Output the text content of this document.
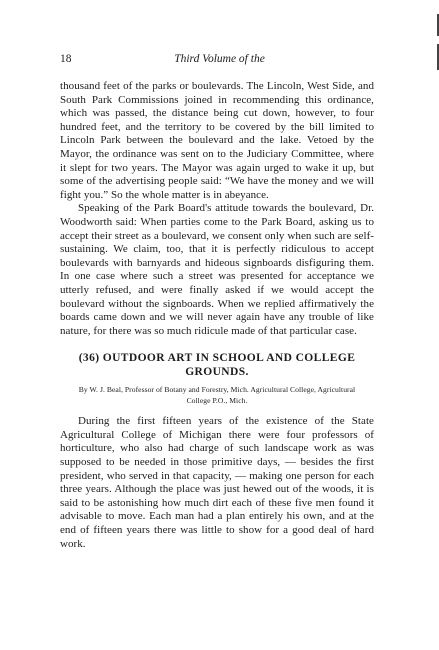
18	Third Volume of the

thousand feet of the parks or boulevards. The Lincoln, West Side, and South Park Commissions joined in recommending this ordinance, which was passed, the distance being cut down, however, to four hundred feet, and the territory to be covered by the bill limited to Lincoln Park between the boulevard and the lake. Vetoed by the Mayor, the ordinance was sent on to the Judiciary Committee, where it slept for two years. The Mayor was again urged to wake it up, but some of the advertising people said: “We have the money and we will fight you.” So the whole matter is in abeyance.

Speaking of the Park Board's attitude towards the boulevard, Dr. Woodworth said: When parties come to the Park Board, asking us to accept their street as a boulevard, we consent only when such are self-sustaining. We claim, too, that it is perfectly ridiculous to accept boulevards with barnyards and hideous signboards disfiguring them. In one case where such a street was presented for acceptance we utterly refused, and were finally asked if we would accept the boulevard without the signboards. When we replied affirmatively the boards came down and we will never again have any trouble of like nature, for there was so much ridicule made of that particular case.

(36) OUTDOOR ART IN SCHOOL AND COLLEGE GROUNDS.
By W. J. Beal, Professor of Botany and Forestry, Mich. Agricultural College, Agricultural College P.O., Mich.

During the first fifteen years of the existence of the State Agricultural College of Michigan there were four professors of horticulture, who also had charge of such landscape work as was supposed to be needed in those primitive days, — besides the first president, who served in that capacity, — making one person for each three years. Although the place was just hewed out of the woods, it is said to be astonishing how much dirt each of these five men found it advisable to move. Each man had a plan entirely his own, and at the end of fifteen years there was little to show for a good deal of hard work.
